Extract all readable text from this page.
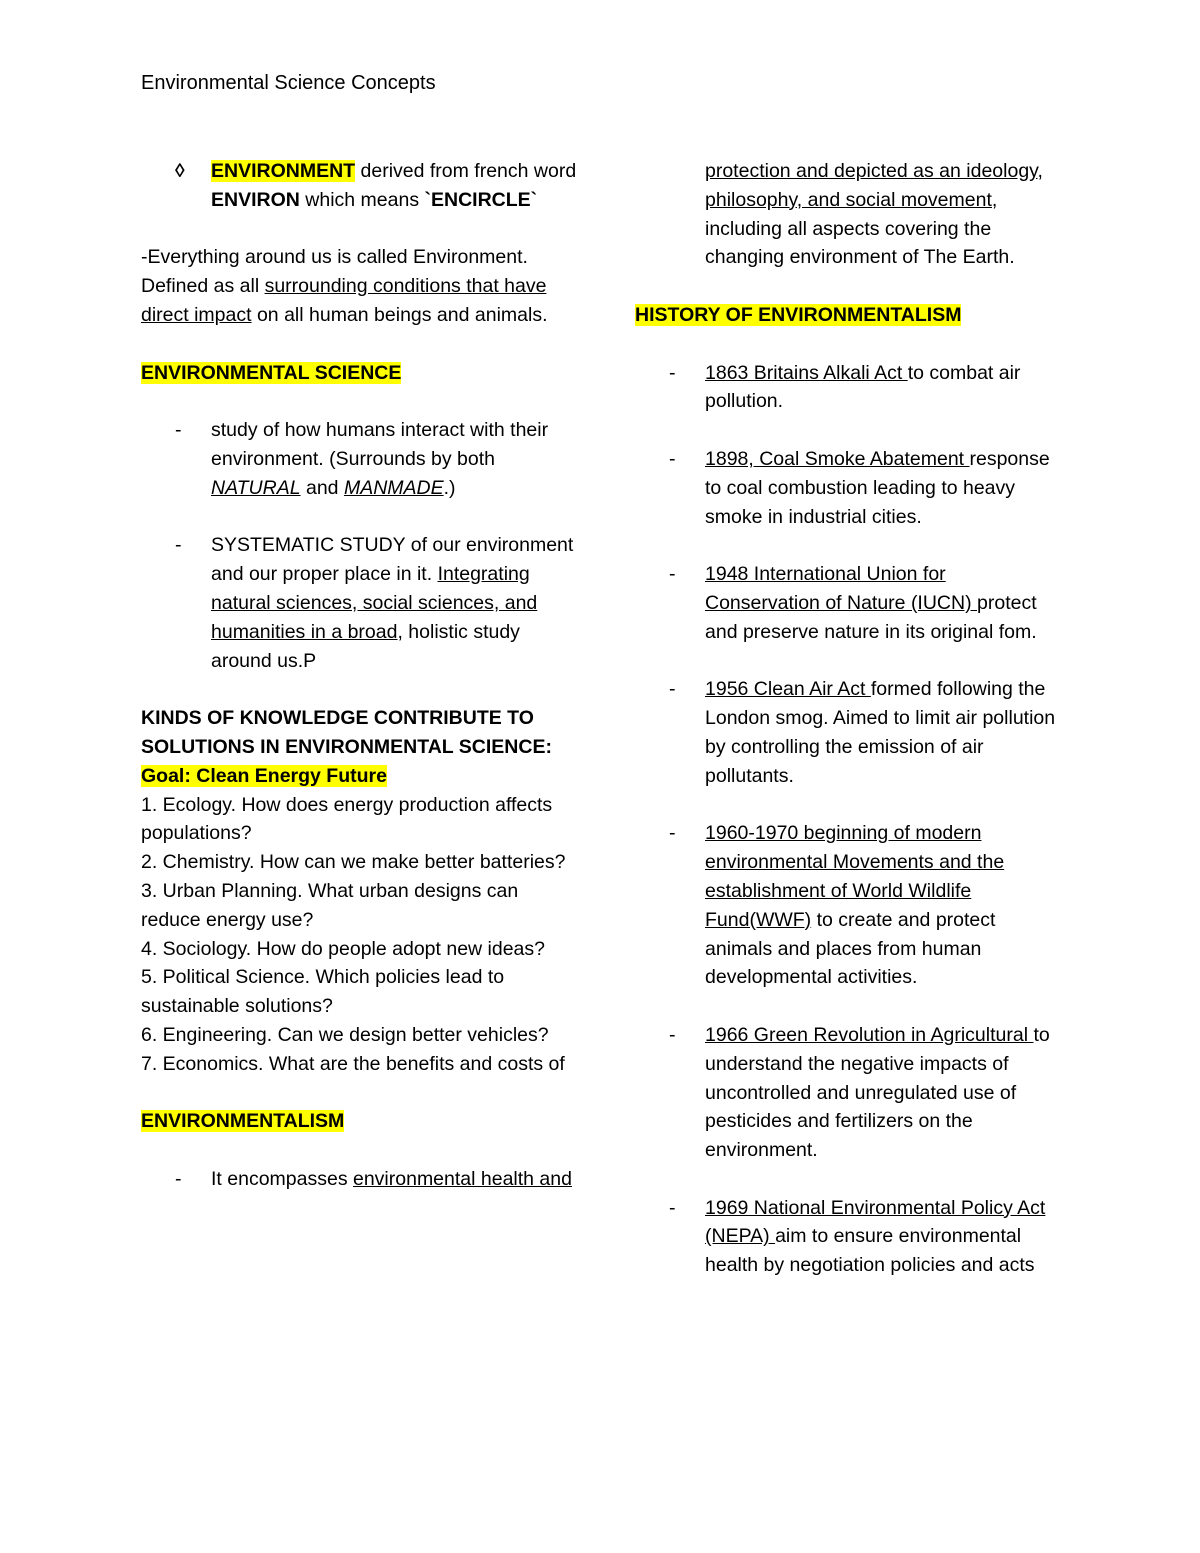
Environmental Science Concepts
◊	ENVIRONMENT derived from french word ENVIRON which means `ENCIRCLE`

-Everything around us is called Environment. Defined as all surrounding conditions that have direct impact on all human beings and animals.

ENVIRONMENTAL SCIENCE

-	study of how humans interact with their environment. (Surrounds by both NATURAL and MANMADE.)
-	SYSTEMATIC STUDY of our environment and our proper place in it. Integrating natural sciences, social sciences, and humanities in a broad, holistic study around us.P

KINDS OF KNOWLEDGE CONTRIBUTE TO SOLUTIONS IN ENVIRONMENTAL SCIENCE:

Goal: Clean Energy Future

1. Ecology. How does energy production affects populations?

2. Chemistry. How can we make better batteries?

3. Urban Planning. What urban designs can reduce energy use?

4. Sociology. How do people adopt new ideas?

5. Political Science. Which policies lead to sustainable solutions?

6. Engineering. Can we design better vehicles?

7. Economics. What are the benefits and costs of

ENVIRONMENTALISM

-	It encompasses environmental health and

protection and depicted as an ideology, philosophy, and social movement, including all aspects covering the changing environment of The Earth.

HISTORY OF ENVIRONMENTALISM

-	1863 Britains Alkali Act to combat air pollution.
-	1898, Coal Smoke Abatement response to coal combustion leading to heavy smoke in industrial cities.
-	1948 International Union for Conservation of Nature (IUCN) protect and preserve nature in its original fom.
-	1956 Clean Air Act formed following the London smog. Aimed to limit air pollution by controlling the emission of air pollutants.
-	1960-1970 beginning of modern environmental Movements and the establishment of World Wildlife Fund(WWF) to create and protect animals and places from human developmental activities.
-	1966 Green Revolution in Agricultural to understand the negative impacts of uncontrolled and unregulated use of pesticides and fertilizers on the environment.
-	1969 National Environmental Policy Act (NEPA) aim to ensure environmental health by negotiation policies and acts
